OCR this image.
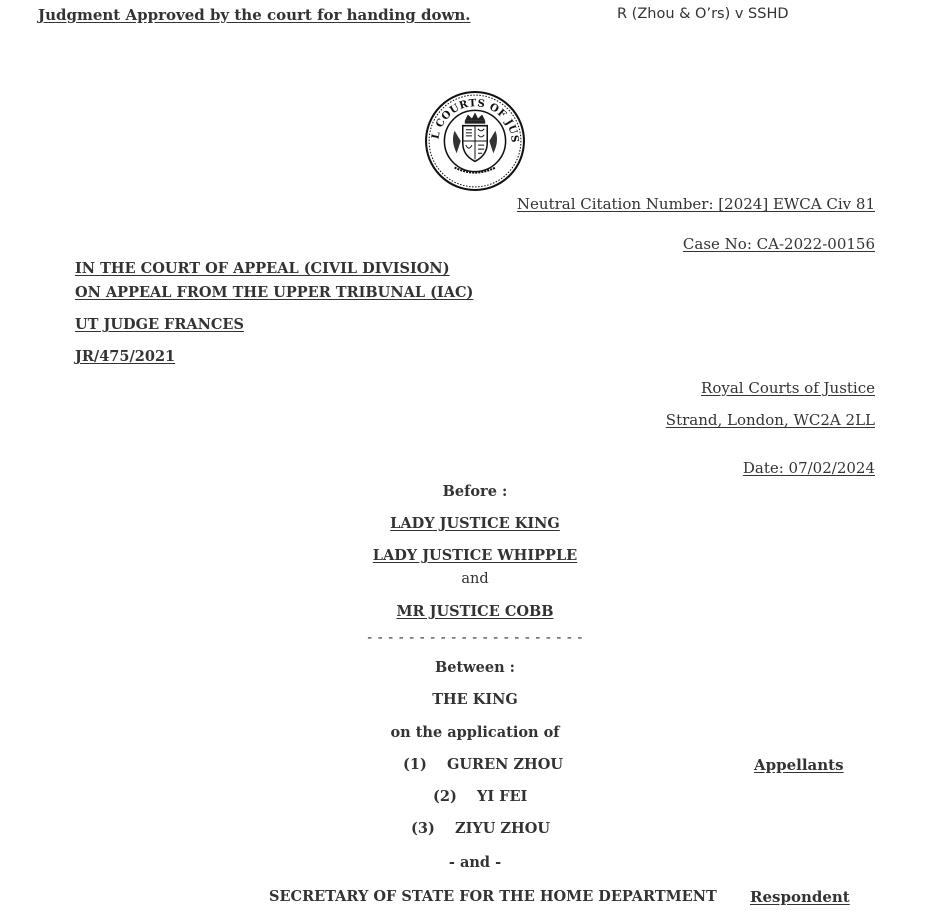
Judgment Approved by the court for handing down.	R (Zhou & O’rs) v SSHD
L COURTS OF JUS
Neutral Citation Number: [2024] EWCA Civ 81
Case No: CA-2022-00156
IN THE COURT OF APPEAL (CIVIL DIVISION)
ON APPEAL FROM THE UPPER TRIBUNAL (IAC)
UT JUDGE FRANCES
JR/475/2021
Royal Courts of Justice
Strand, London, WC2A 2LL
Date: 07/02/2024
Before :
LADY JUSTICE KING
LADY JUSTICE WHIPPLE
and
MR JUSTICE COBB
- - - - - - - - - - - - - - - - - - - - -
Between :
THE KING
on the application of
(1) GUREN ZHOU
(2) YI FEI
(3) ZIYU ZHOU
Appellants
- and -
SECRETARY OF STATE FOR THE HOME DEPARTMENT Respondent
